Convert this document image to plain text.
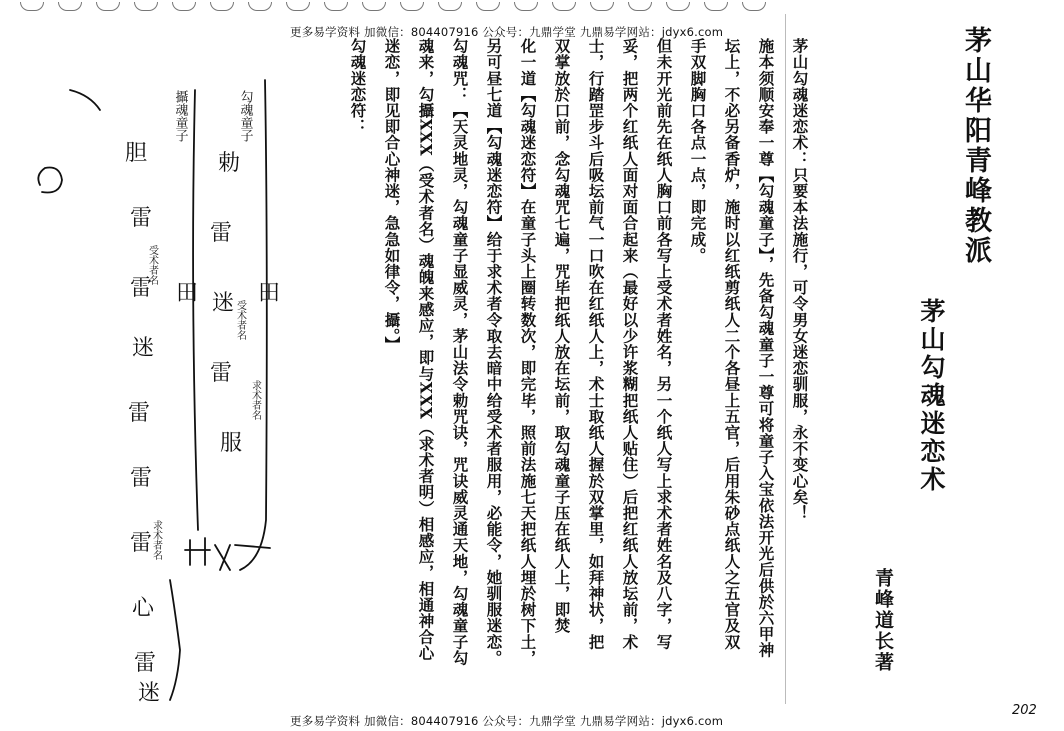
更多易学资料 加微信：804407916 公众号：九鼎学堂 九鼎易学网站：jdyx6.com	茅山华阳青峰教派
茅山勾魂迷恋术
青峰道长著
茅山勾魂迷恋术：只要本法施行，可令男女迷恋驯服，永不变心矣！
施本须顺安奉一尊【勾魂童子】，先备勾魂童子一尊可将童子入宝依法开光后供於六甲神
坛上，不必另备香炉，施时以红纸剪纸人二个各昼上五官，后用朱砂点纸人之五官及双
手双脚胸口各点一点，即完成。
但未开光前先在纸人胸口前各写上受术者姓名，另一个纸人写上求术者姓名及八字，写
妥，把两个红纸人面对面合起来（最好以少许浆糊把纸人贴住）后把红纸人放坛前，术
士，行踏罡步斗后吸坛前气一口吹在红纸人上，术士取纸人握於双掌里，如拜神状，把
双掌放於口前，念勾魂咒七遍，咒毕把纸人放在坛前，取勾魂童子压在纸人上，即焚
化一道【勾魂迷恋符】在童子头上圈转数次，即完毕，照前法施七天把纸人埋於树下土，
另可昼七道【勾魂迷恋符】给于求术者令取去暗中给受术者服用，必能令，她驯服迷恋。
勾魂咒：【天灵地灵，勾魂童子显威灵，茅山法令勅咒诀，咒诀威灵通天地，勾魂童子勾
魂来，勾攝XXX（受术者名）魂魄来感应，即与XXX（求术者明）相感应，相通神合心
迷恋，即见即合心神迷，急急如律令，攝。】
勾魂迷恋符：
胆
雷
雷
迷
雷
雷
雷
心
雷
迷
勅
雷
迷
雷
服
田	田
勾魂童子
攝魂童子
受术者名
受术者名
求术者名
求术者名
更多易学资料 加微信：804407916 公众号：九鼎学堂 九鼎易学网站：jdyx6.com
202
